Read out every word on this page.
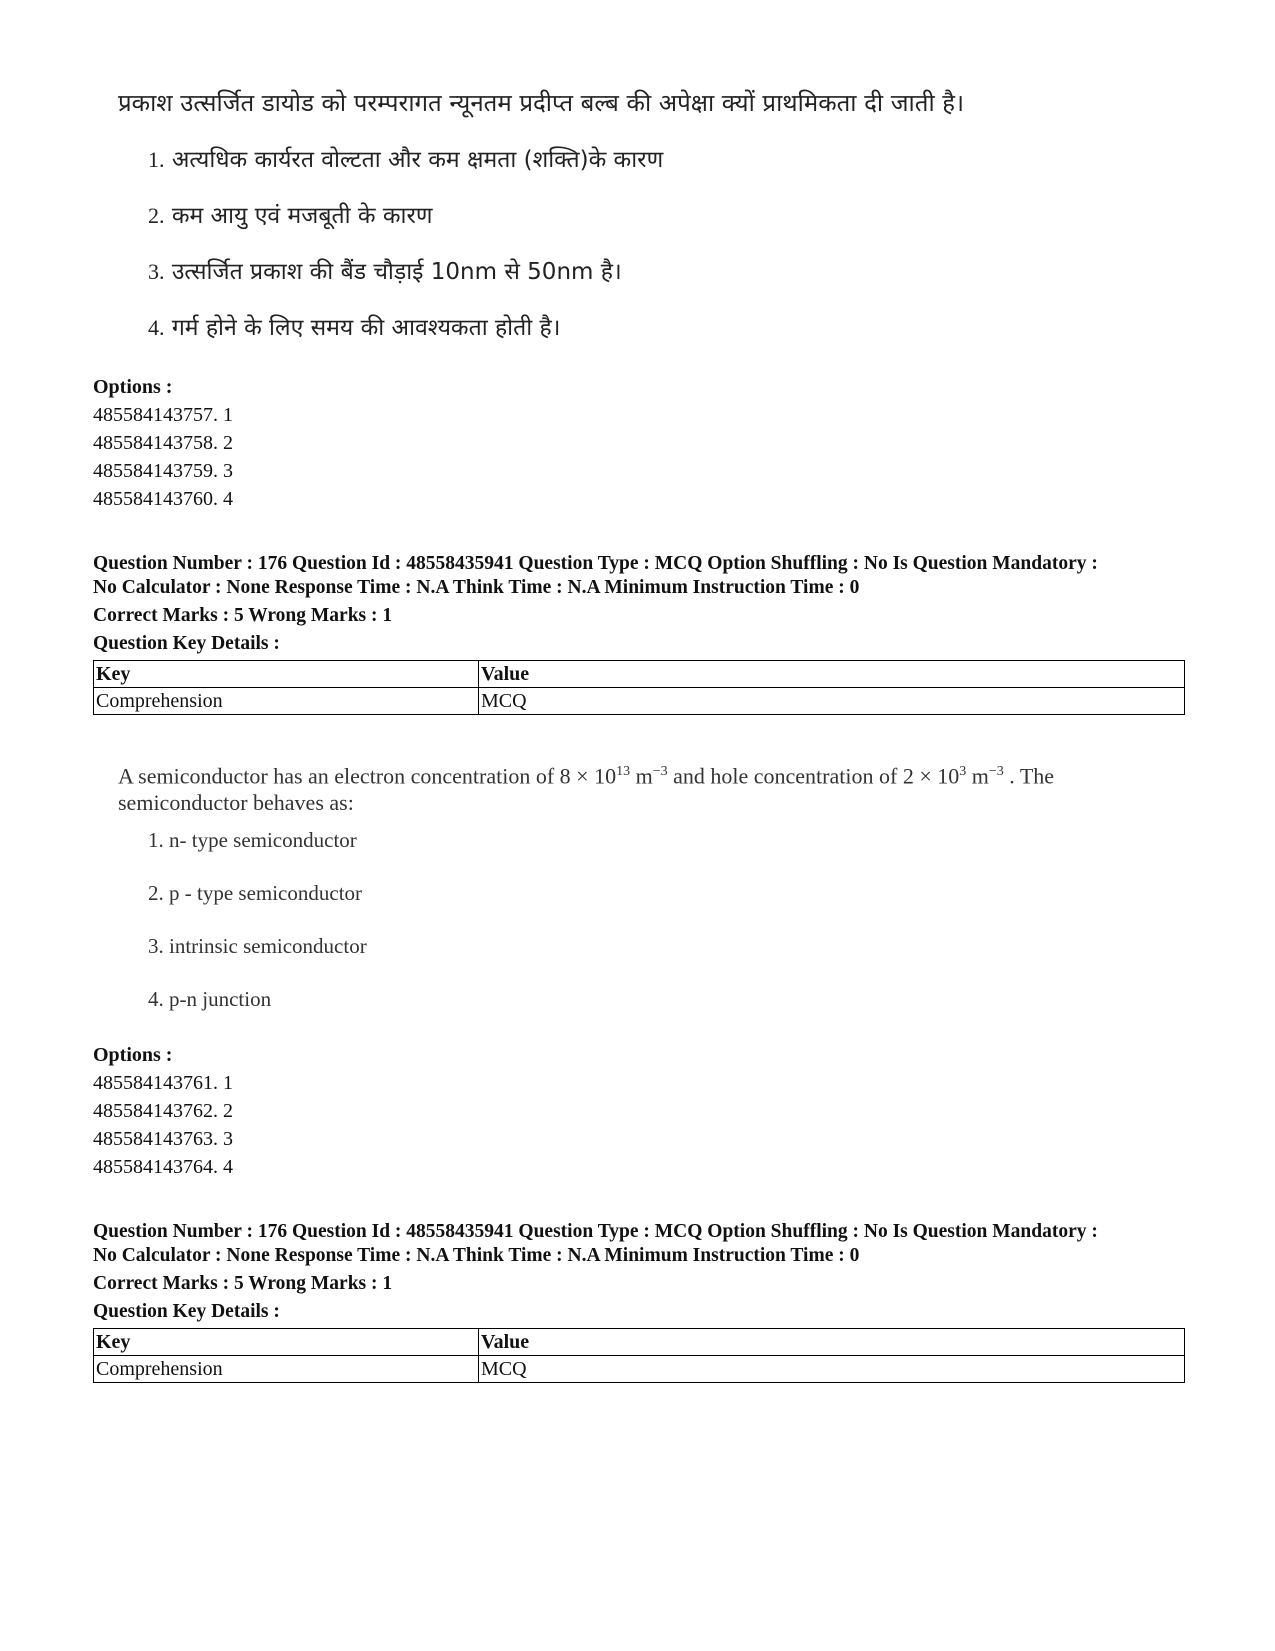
प्रकाश उत्सर्जित डायोड को परम्परागत न्यूनतम प्रदीप्त बल्ब की अपेक्षा क्यों प्राथमिकता दी जाती है।
1. अत्यधिक कार्यरत वोल्टता और कम क्षमता (शक्ति)के कारण
2. कम आयु एवं मजबूती के कारण
3. उत्सर्जित प्रकाश की बैंड चौड़ाई 10nm से 50nm है।
4. गर्म होने के लिए समय की आवश्यकता होती है।
Options :
485584143757. 1
485584143758. 2
485584143759. 3
485584143760. 4
Question Number : 176 Question Id : 48558435941 Question Type : MCQ Option Shuffling : No Is Question Mandatory :
No Calculator : None Response Time : N.A Think Time : N.A Minimum Instruction Time : 0
Correct Marks : 5 Wrong Marks : 1
Question Key Details :
Key	Value
Comprehension	MCQ
A semiconductor has an electron concentration of $8 \times 10^{13}$ $m^{-3}$ and hole concentration of $2 \times 10^3$ $m^{-3}$ . The semiconductor behaves as:
1. n- type semiconductor
2. p - type semiconductor
3. intrinsic semiconductor
4. p-n junction
Options :
485584143761. 1
485584143762. 2
485584143763. 3
485584143764. 4
Question Number : 176 Question Id : 48558435941 Question Type : MCQ Option Shuffling : No Is Question Mandatory :
No Calculator : None Response Time : N.A Think Time : N.A Minimum Instruction Time : 0
Correct Marks : 5 Wrong Marks : 1
Question Key Details :
Key	Value
Comprehension	MCQ
